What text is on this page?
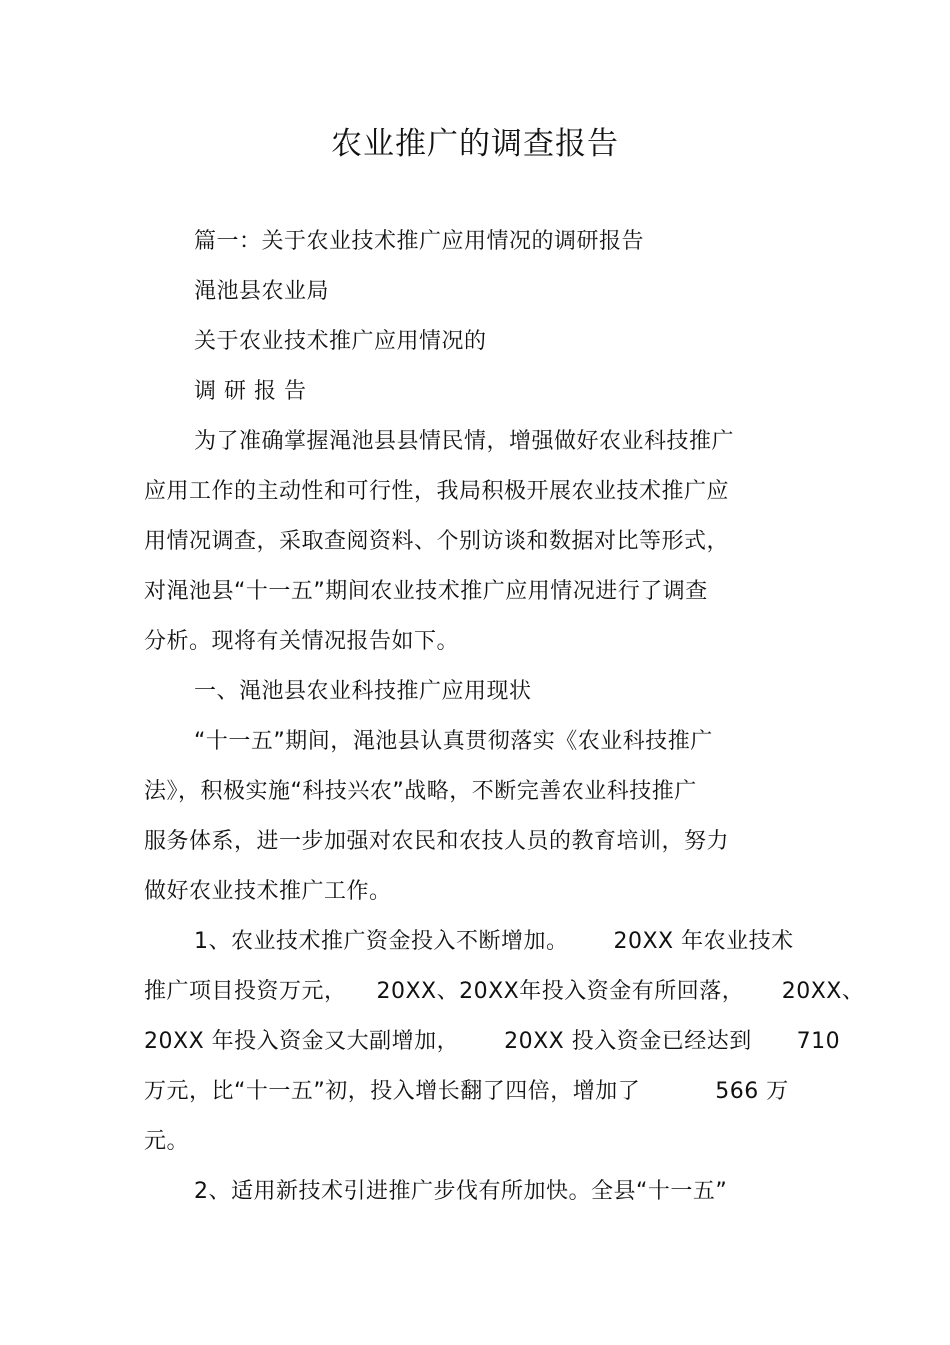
农业推广的调查报告
篇一：关于农业技术推广应用情况的调研报告
渑池县农业局
关于农业技术推广应用情况的
调 研 报 告
为了准确掌握渑池县县情民情，增强做好农业科技推广
应用工作的主动性和可行性，我局积极开展农业技术推广应
用情况调查，采取查阅资料、个别访谈和数据对比等形式，
对渑池县“十一五”期间农业技术推广应用情况进行了调查
分析。现将有关情况报告如下。
一、渑池县农业科技推广应用现状
“十一五”期间，渑池县认真贯彻落实《农业科技推广
法》，积极实施“科技兴农”战略，不断完善农业科技推广
服务体系，进一步加强对农民和农技人员的教育培训，努力
做好农业技术推广工作。
1、农业技术推广资金投入不断增加。      20XX 年农业技术
推广项目投资万元，    20XX、20XX年投入资金有所回落，     20XX、
20XX 年投入资金又大副增加，      20XX 投入资金已经达到      710
万元，比“十一五”初，投入增长翻了四倍，增加了          566 万
元。
2、适用新技术引进推广步伐有所加快。全县“十一五”
